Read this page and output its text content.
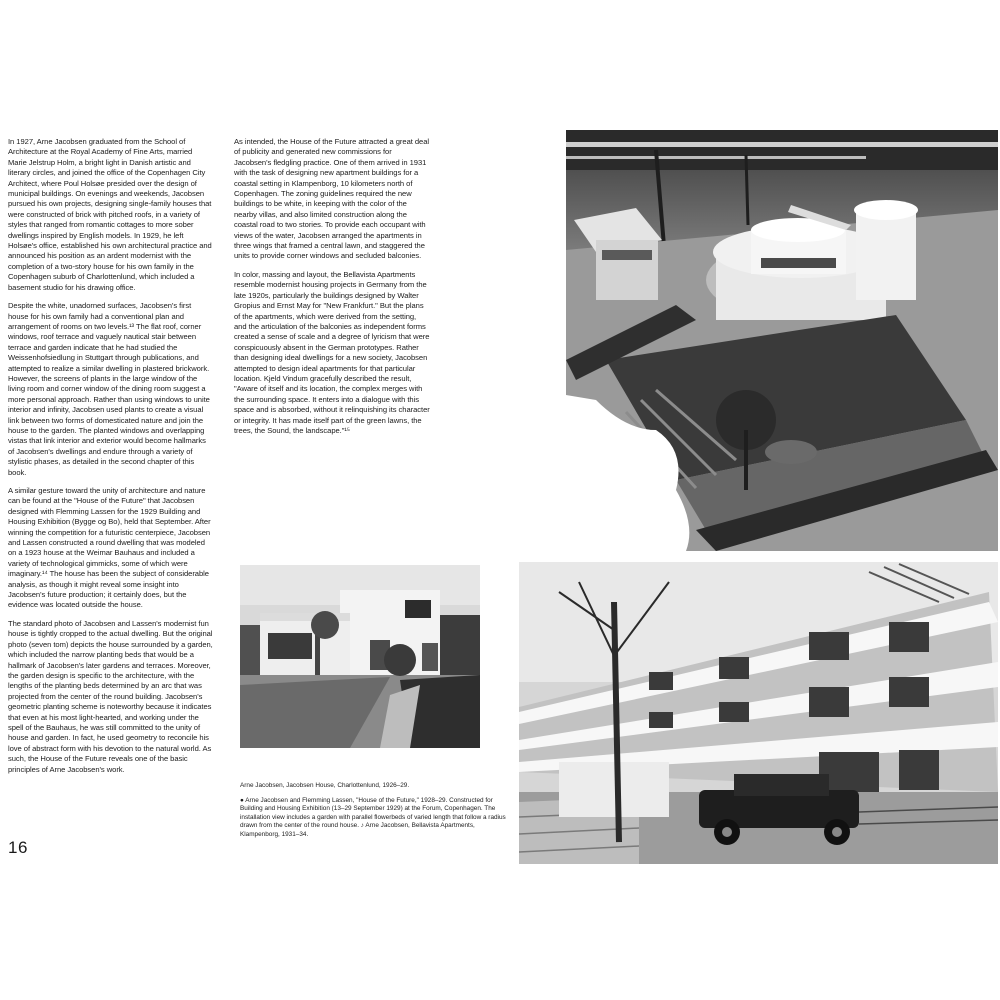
In 1927, Arne Jacobsen graduated from the School of Architecture at the Royal Academy of Fine Arts, married Marie Jelstrup Holm, a bright light in Danish artistic and literary circles, and joined the office of the Copenhagen City Architect, where Poul Holsøe presided over the design of municipal buildings. On evenings and weekends, Jacobsen pursued his own projects, designing single-family houses that were constructed of brick with pitched roofs, in a variety of styles that ranged from romantic cottages to more sober dwellings inspired by English models. In 1929, he left Holsøe's office, established his own architectural practice and announced his position as an ardent modernist with the completion of a two-story house for his own family in the Copenhagen suburb of Charlottenlund, which included a basement studio for his drawing office.

Despite the white, unadorned surfaces, Jacobsen's first house for his own family had a conventional plan and arrangement of rooms on two levels.¹³ The flat roof, corner windows, roof terrace and vaguely nautical stair between terrace and garden indicate that he had studied the Weissenhofsiedlung in Stuttgart through publications, and attempted to realize a similar dwelling in plastered brickwork. However, the screens of plants in the large window of the living room and corner window of the dining room suggest a more personal approach. Rather than using windows to unite interior and infinity, Jacobsen used plants to create a visual link between two forms of domesticated nature and join the house to the garden. The planted windows and overlapping vistas that link interior and exterior would become hallmarks of Jacobsen's dwellings and endure through a variety of stylistic phases, as detailed in the second chapter of this book.

A similar gesture toward the unity of architecture and nature can be found at the "House of the Future" that Jacobsen designed with Flemming Lassen for the 1929 Building and Housing Exhibition (Bygge og Bo), held that September. After winning the competition for a futuristic centerpiece, Jacobsen and Lassen constructed a round dwelling that was modeled on a 1923 house at the Weimar Bauhaus and included a variety of technological gimmicks, some of which were imaginary.¹⁴ The house has been the subject of considerable analysis, as though it might reveal some insight into Jacobsen's future production; it certainly does, but the evidence was located outside the house.

The standard photo of Jacobsen and Lassen's modernist fun house is tightly cropped to the actual dwelling. But the original photo (seven tom) depicts the house surrounded by a garden, which included the narrow planting beds that would be a hallmark of Jacobsen's later gardens and terraces. Moreover, the garden design is specific to the architecture, with the lengths of the planting beds determined by an arc that was projected from the center of the round building. Jacobsen's geometric planting scheme is noteworthy because it indicates that even at his most light-hearted, and working under the spell of the Bauhaus, he was still committed to the unity of house and garden. In fact, he used geometry to reconcile his love of abstract form with his devotion to the natural world. As such, the House of the Future reveals one of the basic principles of Arne Jacobsen's work.

As intended, the House of the Future attracted a great deal of publicity and generated new commissions for Jacobsen's fledgling practice. One of them arrived in 1931 with the task of designing new apartment buildings for a coastal setting in Klampenborg, 10 kilometers north of Copenhagen. The zoning guidelines required the new buildings to be white, in keeping with the color of the nearby villas, and also limited construction along the coastal road to two stories. To provide each occupant with views of the water, Jacobsen arranged the apartments in three wings that framed a central lawn, and staggered the units to provide corner windows and secluded balconies.

In color, massing and layout, the Bellavista Apartments resemble modernist housing projects in Germany from the late 1920s, particularly the buildings designed by Walter Gropius and Ernst May for "New Frankfurt." But the plans of the apartments, which were derived from the setting, and the articulation of the balconies as independent forms created a sense of scale and a degree of lyricism that were conspicuously absent in the German prototypes. Rather than designing ideal dwellings for a new society, Jacobsen attempted to design ideal apartments for that particular location. Kjeld Vindum gracefully described the result, "Aware of itself and its location, the complex merges with the surrounding space. It enters into a dialogue with this space and is absorbed, without it relinquishing its character or integrity. It has made itself part of the green lawns, the trees, the Sound, the landscape."¹⁵

16

Arne Jacobsen, Jacobsen House, Charlottenlund, 1926–29.

● Arne Jacobsen and Flemming Lassen, "House of the Future," 1928–29. Constructed for Building and Housing Exhibition (13–29 September 1929) at the Forum, Copenhagen. The installation view includes a garden with parallel flowerbeds of varied length that follow a radius drawn from the center of the round house. ♪ Arne Jacobsen, Bellavista Apartments, Klampenborg, 1931–34.
